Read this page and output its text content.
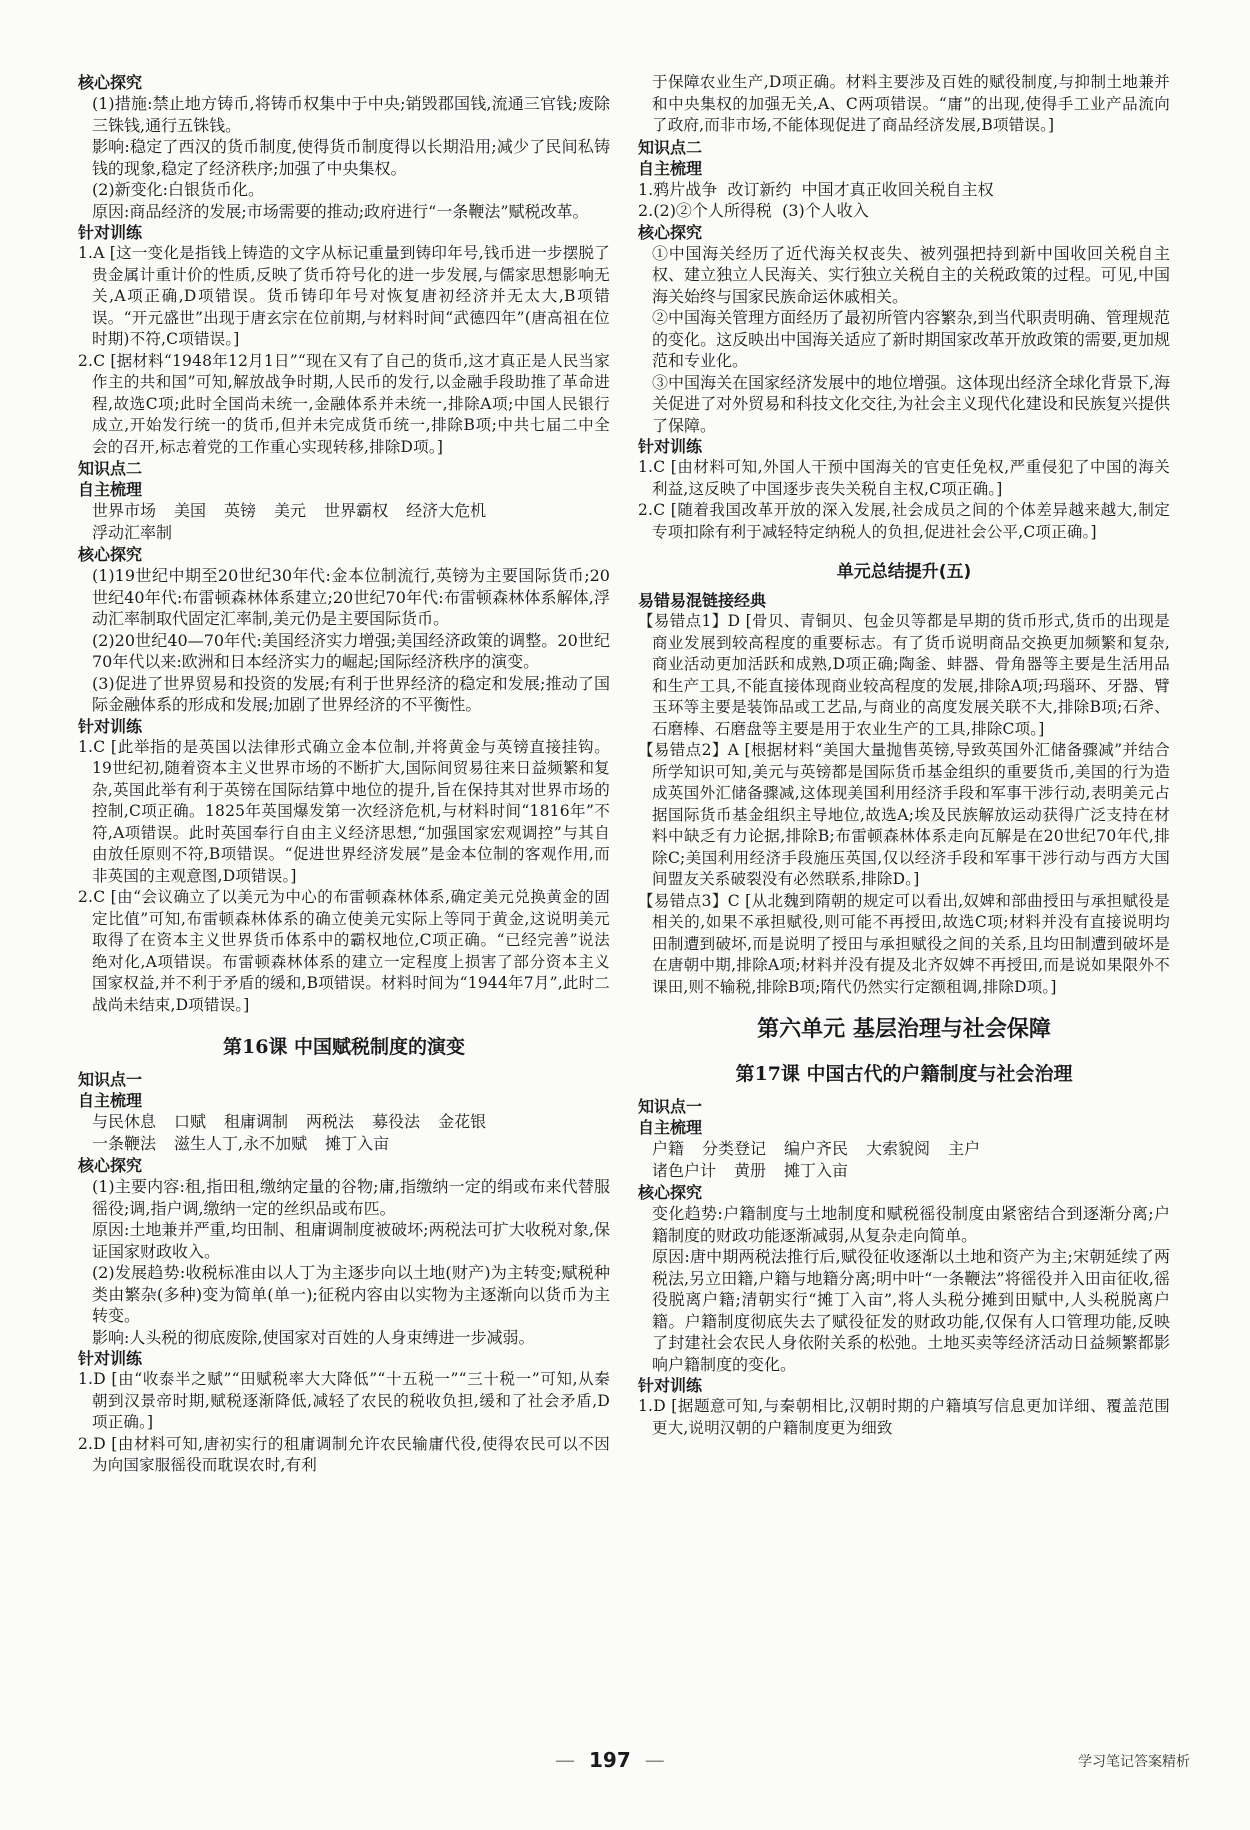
核心探究

(1)措施:禁止地方铸币,将铸币权集中于中央;销毁郡国钱,流通三官钱;废除三铢钱,通行五铢钱。

影响:稳定了西汉的货币制度,使得货币制度得以长期沿用;减少了民间私铸钱的现象,稳定了经济秩序;加强了中央集权。

(2)新变化:白银货币化。

原因:商品经济的发展;市场需要的推动;政府进行“一条鞭法”赋税改革。

针对训练

1.A [这一变化是指钱上铸造的文字从标记重量到铸印年号,钱币进一步摆脱了贵金属计重计价的性质,反映了货币符号化的进一步发展,与儒家思想影响无关,A项正确,D项错误。货币铸印年号对恢复唐初经济并无太大,B项错误。“开元盛世”出现于唐玄宗在位前期,与材料时间“武德四年”(唐高祖在位时期)不符,C项错误。]

2.C [据材料“1948年12月1日”“现在又有了自己的货币,这才真正是人民当家作主的共和国”可知,解放战争时期,人民币的发行,以金融手段助推了革命进程,故选C项;此时全国尚未统一,金融体系并未统一,排除A项;中国人民银行成立,开始发行统一的货币,但并未完成货币统一,排除B项;中共七届二中全会的召开,标志着党的工作重心实现转移,排除D项。]

知识点二

自主梳理

世界市场 美国 英镑 美元 世界霸权 经济大危机
浮动汇率制

核心探究

(1)19世纪中期至20世纪30年代:金本位制流行,英镑为主要国际货币;20世纪40年代:布雷顿森林体系建立;20世纪70年代:布雷顿森林体系解体,浮动汇率制取代固定汇率制,美元仍是主要国际货币。

(2)20世纪40—70年代:美国经济实力增强;美国经济政策的调整。20世纪70年代以来:欧洲和日本经济实力的崛起;国际经济秩序的演变。

(3)促进了世界贸易和投资的发展;有利于世界经济的稳定和发展;推动了国际金融体系的形成和发展;加剧了世界经济的不平衡性。

针对训练

1.C [此举指的是英国以法律形式确立金本位制,并将黄金与英镑直接挂钩。19世纪初,随着资本主义世界市场的不断扩大,国际间贸易往来日益频繁和复杂,英国此举有利于英镑在国际结算中地位的提升,旨在保持其对世界市场的控制,C项正确。1825年英国爆发第一次经济危机,与材料时间“1816年”不符,A项错误。此时英国奉行自由主义经济思想,“加强国家宏观调控”与其自由放任原则不符,B项错误。“促进世界经济发展”是金本位制的客观作用,而非英国的主观意图,D项错误。]

2.C [由“会议确立了以美元为中心的布雷顿森林体系,确定美元兑换黄金的固定比值”可知,布雷顿森林体系的确立使美元实际上等同于黄金,这说明美元取得了在资本主义世界货币体系中的霸权地位,C项正确。“已经完善”说法绝对化,A项错误。布雷顿森林体系的建立一定程度上损害了部分资本主义国家权益,并不利于矛盾的缓和,B项错误。材料时间为“1944年7月”,此时二战尚未结束,D项错误。]

第16课 中国赋税制度的演变

知识点一

自主梳理

与民休息 口赋 租庸调制 两税法 募役法 金花银
一条鞭法 滋生人丁,永不加赋 摊丁入亩

核心探究

(1)主要内容:租,指田租,缴纳定量的谷物;庸,指缴纳一定的绢或布来代替服徭役;调,指户调,缴纳一定的丝织品或布匹。

原因:土地兼并严重,均田制、租庸调制度被破坏;两税法可扩大收税对象,保证国家财政收入。

(2)发展趋势:收税标准由以人丁为主逐步向以土地(财产)为主转变;赋税种类由繁杂(多种)变为简单(单一);征税内容由以实物为主逐渐向以货币为主转变。

影响:人头税的彻底废除,使国家对百姓的人身束缚进一步减弱。

针对训练

1.D [由“收泰半之赋”“田赋税率大大降低”“十五税一”“三十税一”可知,从秦朝到汉景帝时期,赋税逐渐降低,减轻了农民的税收负担,缓和了社会矛盾,D项正确。]

2.D [由材料可知,唐初实行的租庸调制允许农民输庸代役,使得农民可以不因为向国家服徭役而耽误农时,有利

于保障农业生产,D项正确。材料主要涉及百姓的赋役制度,与抑制土地兼并和中央集权的加强无关,A、C两项错误。“庸”的出现,使得手工业产品流向了政府,而非市场,不能体现促进了商品经济发展,B项错误。]

知识点二

自主梳理

1.鸦片战争  改订新约  中国才真正收回关税自主权

2.(2)②个人所得税  (3)个人收入

核心探究

①中国海关经历了近代海关权丧失、被列强把持到新中国收回关税自主权、建立独立人民海关、实行独立关税自主的关税政策的过程。可见,中国海关始终与国家民族命运休戚相关。

②中国海关管理方面经历了最初所管内容繁杂,到当代职责明确、管理规范的变化。这反映出中国海关适应了新时期国家改革开放政策的需要,更加规范和专业化。

③中国海关在国家经济发展中的地位增强。这体现出经济全球化背景下,海关促进了对外贸易和科技文化交往,为社会主义现代化建设和民族复兴提供了保障。

针对训练

1.C [由材料可知,外国人干预中国海关的官吏任免权,严重侵犯了中国的海关利益,这反映了中国逐步丧失关税自主权,C项正确。]

2.C [随着我国改革开放的深入发展,社会成员之间的个体差异越来越大,制定专项扣除有利于减轻特定纳税人的负担,促进社会公平,C项正确。]

单元总结提升(五)

易错易混链接经典

【易错点1】D [骨贝、青铜贝、包金贝等都是早期的货币形式,货币的出现是商业发展到较高程度的重要标志。有了货币说明商品交换更加频繁和复杂,商业活动更加活跃和成熟,D项正确;陶釜、蚌器、骨角器等主要是生活用品和生产工具,不能直接体现商业较高程度的发展,排除A项;玛瑙环、牙器、臂玉环等主要是装饰品或工艺品,与商业的高度发展关联不大,排除B项;石斧、石磨棒、石磨盘等主要是用于农业生产的工具,排除C项。]

【易错点2】A [根据材料“美国大量抛售英镑,导致英国外汇储备骤减”并结合所学知识可知,美元与英镑都是国际货币基金组织的重要货币,美国的行为造成英国外汇储备骤减,这体现美国利用经济手段和军事干涉行动,表明美元占据国际货币基金组织主导地位,故选A;埃及民族解放运动获得广泛支持在材料中缺乏有力论据,排除B;布雷顿森林体系走向瓦解是在20世纪70年代,排除C;美国利用经济手段施压英国,仅以经济手段和军事干涉行动与西方大国间盟友关系破裂没有必然联系,排除D。]

【易错点3】C [从北魏到隋朝的规定可以看出,奴婢和部曲授田与承担赋役是相关的,如果不承担赋役,则可能不再授田,故选C项;材料并没有直接说明均田制遭到破坏,而是说明了授田与承担赋役之间的关系,且均田制遭到破坏是在唐朝中期,排除A项;材料并没有提及北齐奴婢不再授田,而是说如果限外不课田,则不输税,排除B项;隋代仍然实行定额租调,排除D项。]

第六单元 基层治理与社会保障

第17课 中国古代的户籍制度与社会治理

知识点一

自主梳理

户籍 分类登记 编户齐民 大索貌阅 主户
诸色户计 黄册 摊丁入亩

核心探究

变化趋势:户籍制度与土地制度和赋税徭役制度由紧密结合到逐渐分离;户籍制度的财政功能逐渐减弱,从复杂走向简单。

原因:唐中期两税法推行后,赋役征收逐渐以土地和资产为主;宋朝延续了两税法,另立田籍,户籍与地籍分离;明中叶“一条鞭法”将徭役并入田亩征收,徭役脱离户籍;清朝实行“摊丁入亩”,将人头税分摊到田赋中,人头税脱离户籍。户籍制度彻底失去了赋役征发的财政功能,仅保有人口管理功能,反映了封建社会农民人身依附关系的松弛。土地买卖等经济活动日益频繁都影响户籍制度的变化。

针对训练

1.D [据题意可知,与秦朝相比,汉朝时期的户籍填写信息更加详细、覆盖范围更大,说明汉朝的户籍制度更为细致

— 197 —	学习笔记答案精析
